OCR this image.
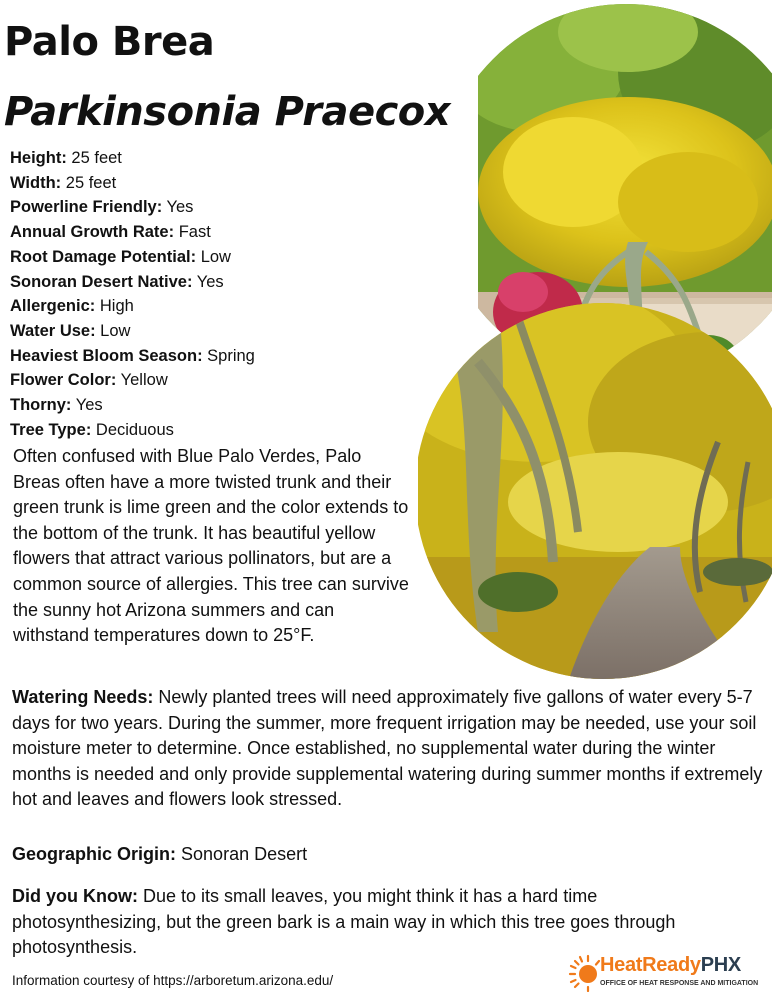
Palo Brea
Parkinsonia Praecox
Height: 25 feet
Width: 25 feet
Powerline Friendly: Yes
Annual Growth Rate: Fast
Root Damage Potential: Low
Sonoran Desert Native: Yes
Allergenic: High
Water Use: Low
Heaviest Bloom Season: Spring
Flower Color: Yellow
Thorny: Yes
Tree Type: Deciduous

Often confused with Blue Palo Verdes, Palo Breas often have a more twisted trunk and their green trunk is lime green and the color extends to the bottom of the trunk. It has beautiful yellow flowers that attract various pollinators, but are a common source of allergies. This tree can survive the sunny hot Arizona summers and can withstand temperatures down to 25°F.

Watering Needs: Newly planted trees will need approximately five gallons of water every 5-7 days for two years. During the summer, more frequent irrigation may be needed, use your soil moisture meter to determine. Once established, no supplemental water during the winter months is needed and only provide supplemental watering during summer months if extremely hot and leaves and flowers look stressed.

Geographic Origin: Sonoran Desert

Did you Know: Due to its small leaves, you might think it has a hard time photosynthesizing, but the green bark is a main way in which this tree goes through photosynthesis.

Information courtesy of https://arboretum.arizona.edu/
HeatReadyPHX
OFFICE OF HEAT RESPONSE AND MITIGATION
